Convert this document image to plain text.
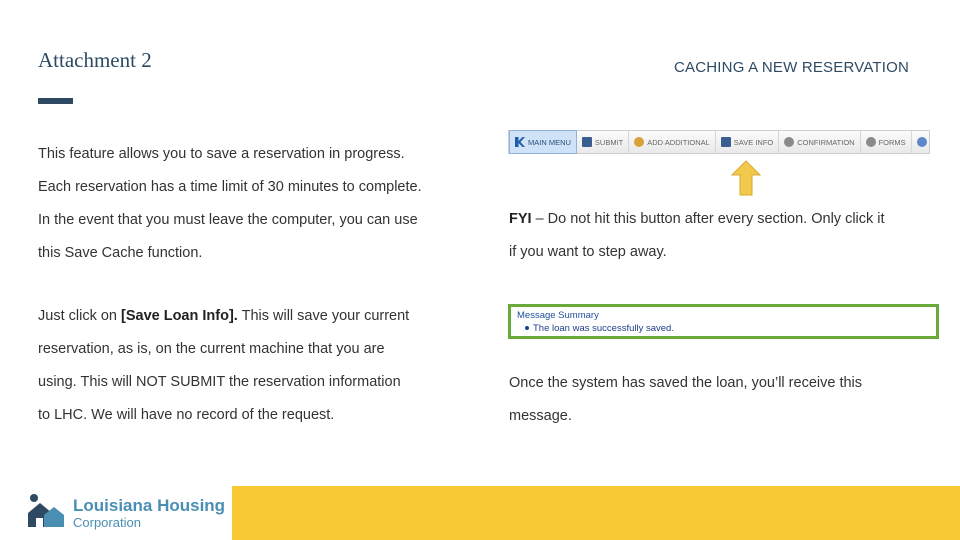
Attachment 2	CACHING A NEW RESERVATION
This feature allows you to save a reservation in progress.
Each reservation has a time limit of 30 minutes to complete.
In the event that you must leave the computer, you can use
this Save Cache function.
Just click on [Save Loan Info]. This will save your current
reservation, as is, on the current machine that you are
using. This will NOT SUBMIT the reservation information
to LHC. We will have no record of the request.
MAIN MENU	SUBMIT	ADD ADDITIONAL	SAVE INFO	CONFIRMATION	FORMS
FYI – Do not hit this button after every section. Only click it
if you want to step away.
Message Summary
The loan was successfully saved.
Once the system has saved the loan, you’ll receive this
message.
Louisiana Housing
Corporation
